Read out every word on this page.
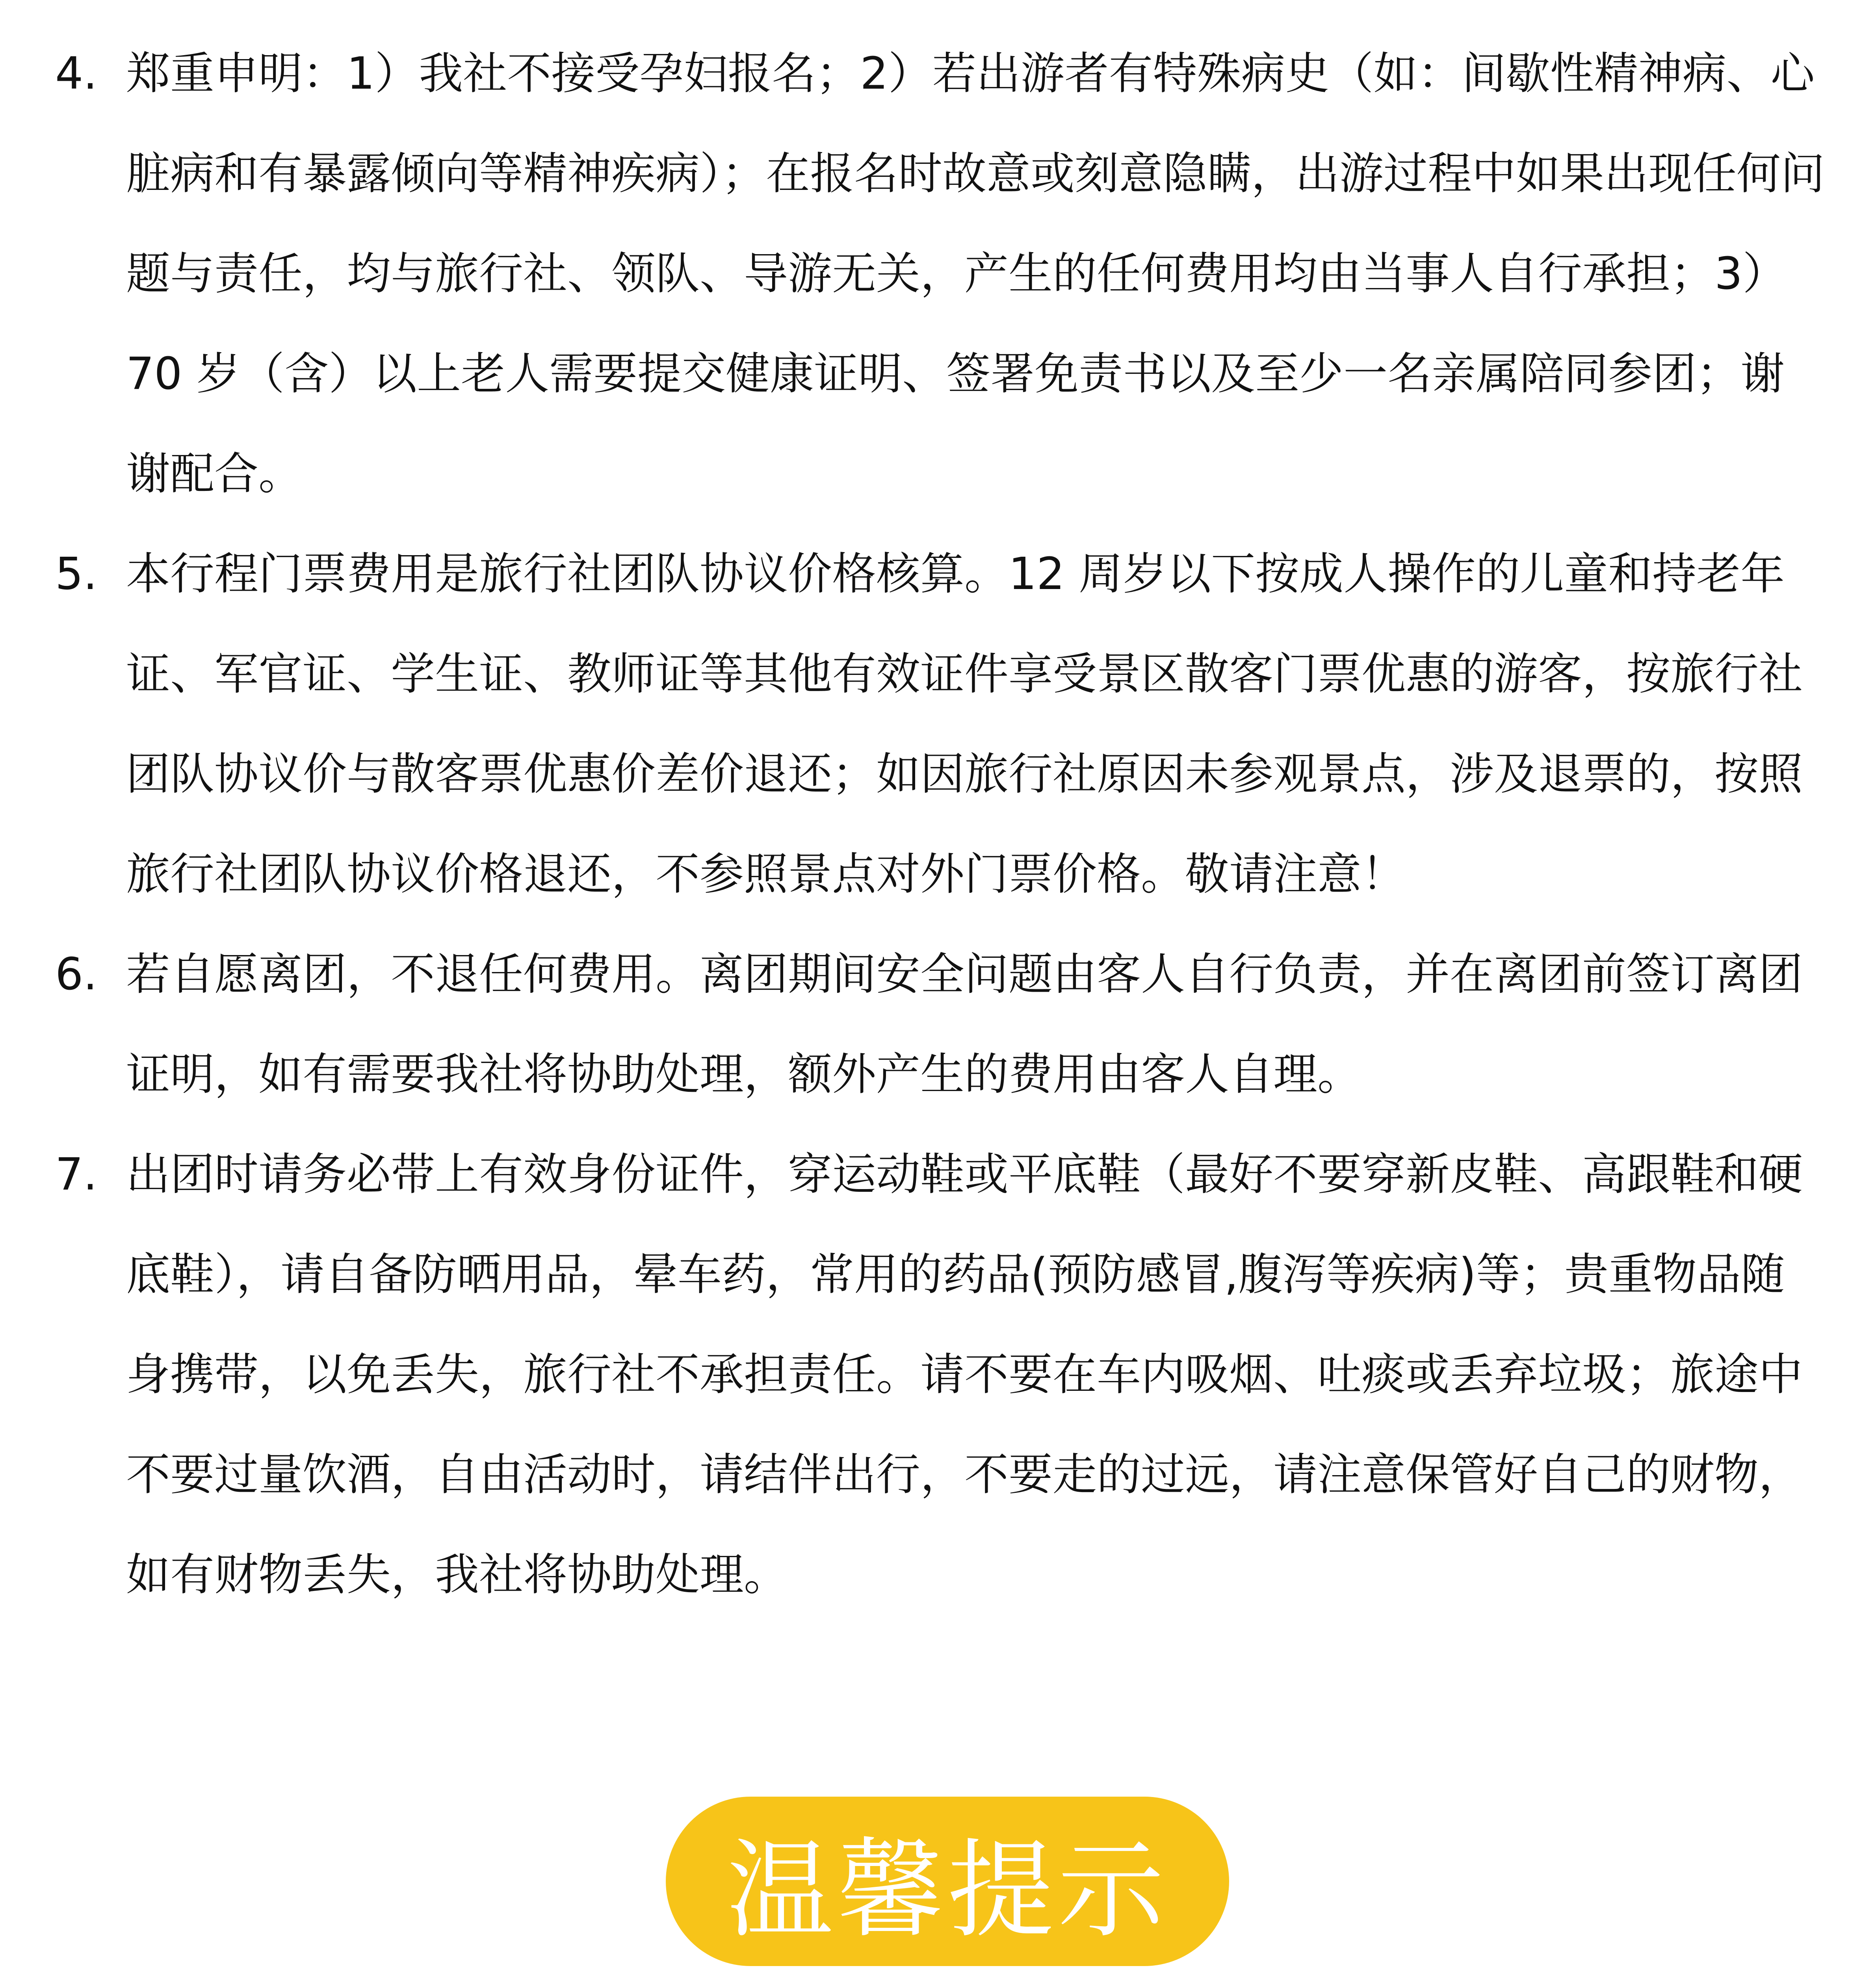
4. 郑重申明：1）我社不接受孕妇报名；2）若出游者有特殊病史（如：间歇性精神病、心脏病和有暴露倾向等精神疾病）；在报名时故意或刻意隐瞒，出游过程中如果出现任何问题与责任，均与旅行社、领队、导游无关，产生的任何费用均由当事人自行承担；3）70 岁（含）以上老人需要提交健康证明、签署免责书以及至少一名亲属陪同参团；谢谢配合。
5. 本行程门票费用是旅行社团队协议价格核算。12 周岁以下按成人操作的儿童和持老年证、军官证、学生证、教师证等其他有效证件享受景区散客门票优惠的游客，按旅行社团队协议价与散客票优惠价差价退还；如因旅行社原因未参观景点，涉及退票的，按照旅行社团队协议价格退还，不参照景点对外门票价格。敬请注意！
6. 若自愿离团，不退任何费用。离团期间安全问题由客人自行负责，并在离团前签订离团证明，如有需要我社将协助处理，额外产生的费用由客人自理。
7. 出团时请务必带上有效身份证件，穿运动鞋或平底鞋（最好不要穿新皮鞋、高跟鞋和硬底鞋），请自备防晒用品，晕车药，常用的药品(预防感冒,腹泻等疾病)等；贵重物品随身携带，以免丢失，旅行社不承担责任。请不要在车内吸烟、吐痰或丢弃垃圾；旅途中不要过量饮酒，自由活动时，请结伴出行，不要走的过远，请注意保管好自己的财物，如有财物丢失，我社将协助处理。
温馨提示
